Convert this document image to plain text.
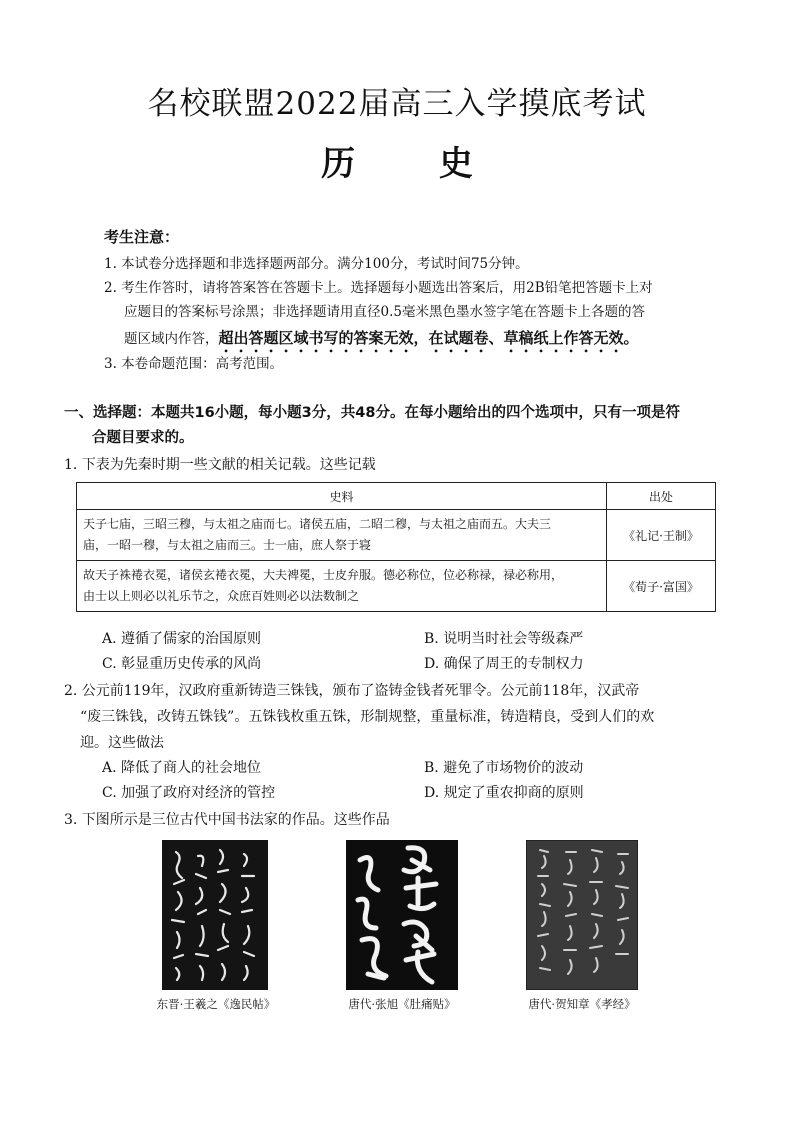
名校联盟2022届高三入学摸底考试
历 史
考生注意：
1. 本试卷分选择题和非选择题两部分。满分100分，考试时间75分钟。
2. 考生作答时，请将答案答在答题卡上。选择题每小题选出答案后，用2B铅笔把答题卡上对
应题目的答案标号涂黑；非选择题请用直径0.5毫米黑色墨水签字笔在答题卡上各题的答
题区域内作答，超出答题区域书写的答案无效，在试题卷、草稿纸上作答无效。
3. 本卷命题范围：高考范围。
一、选择题：本题共16小题，每小题3分，共48分。在每小题给出的四个选项中，只有一项是符
合题目要求的。
1. 下表为先秦时期一些文献的相关记载。这些记载
史料	出处

天子七庙，三昭三穆，与太祖之庙而七。诸侯五庙，二昭二穆，与太祖之庙而五。大夫三
庙，一昭一穆，与太祖之庙而三。士一庙，庶人祭于寝	《礼记·王制》

故天子袾裷衣冕，诸侯玄裷衣冕，大夫裨冕，士皮弁服。德必称位，位必称禄，禄必称用，
由士以上则必以礼乐节之，众庶百姓则必以法数制之	《荀子·富国》
A. 遵循了儒家的治国原则	B. 说明当时社会等级森严
C. 彰显重历史传承的风尚	D. 确保了周王的专制权力
2. 公元前119年，汉政府重新铸造三铢钱，颁布了盗铸金钱者死罪令。公元前118年，汉武帝
“废三铢钱，改铸五铢钱”。五铢钱枚重五铢，形制规整，重量标准，铸造精良，受到人们的欢
迎。这些做法
A. 降低了商人的社会地位	B. 避免了市场物价的波动
C. 加强了政府对经济的管控	D. 规定了重农抑商的原则
3. 下图所示是三位古代中国书法家的作品。这些作品
东晋·王羲之《逸民帖》	唐代·张旭《肚痛贴》	唐代·贺知章《孝经》
